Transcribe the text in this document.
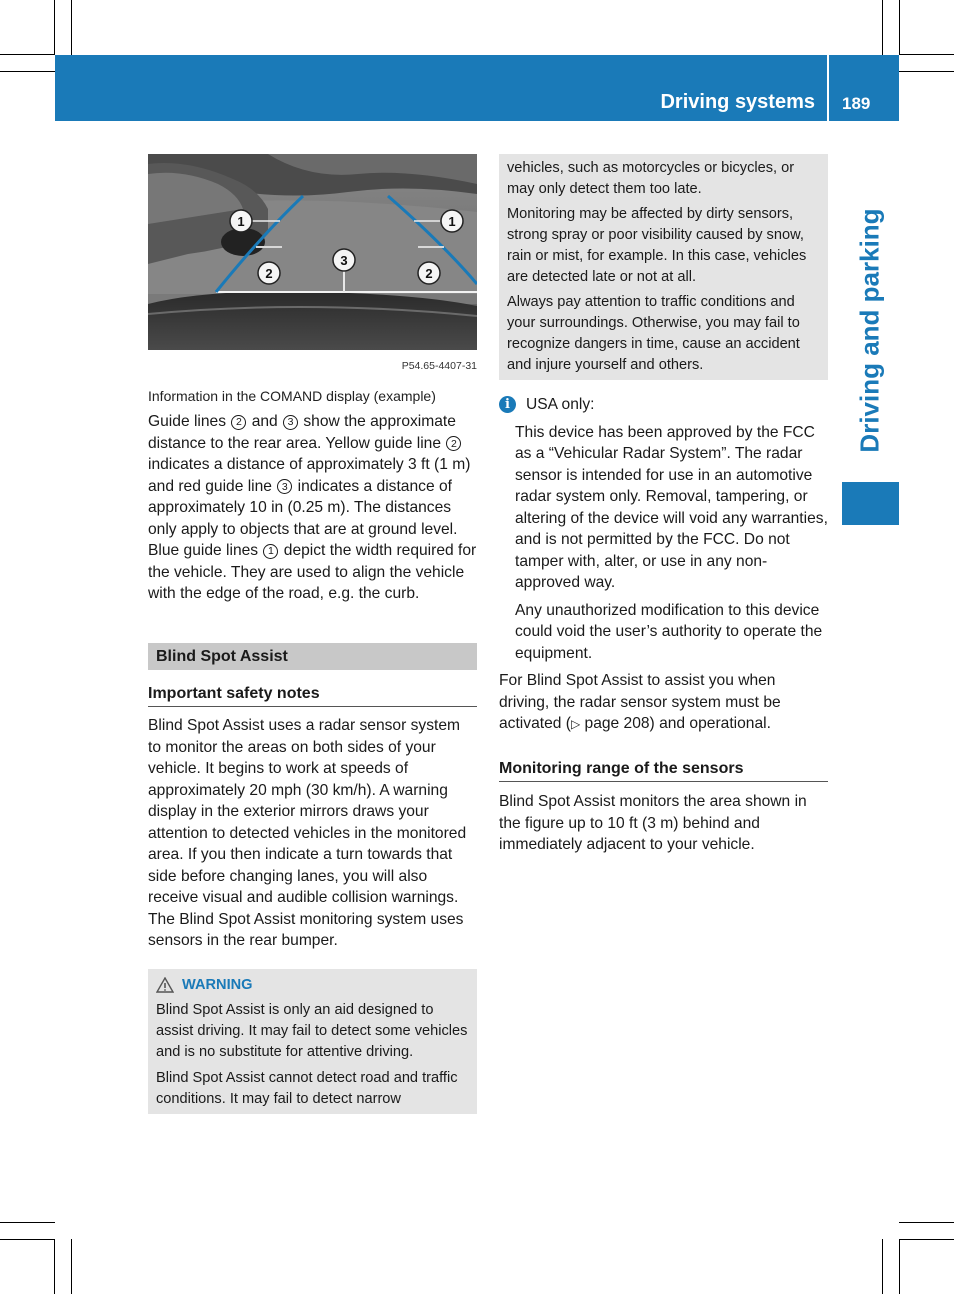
Driving systems 189
Driving and parking
1	1
2	2
3
P54.65-4407-31
Information in the COMAND display (example)

Guide lines 2 and 3 show the approximate distance to the rear area. Yellow guide line 2 indicates a distance of approximately 3 ft (1 m) and red guide line 3 indicates a distance of approximately 10 in (0.25 m). The distances only apply to objects that are at ground level. Blue guide lines 1 depict the width required for the vehicle. They are used to align the vehicle with the edge of the road, e.g. the curb.

Blind Spot Assist
Important safety notes

Blind Spot Assist uses a radar sensor system to monitor the areas on both sides of your vehicle. It begins to work at speeds of approximately 20 mph (30 km/h). A warning display in the exterior mirrors draws your attention to detected vehicles in the monitored area. If you then indicate a turn towards that side before changing lanes, you will also receive visual and audible collision warnings. The Blind Spot Assist monitoring system uses sensors in the rear bumper.

WARNING

Blind Spot Assist is only an aid designed to assist driving. It may fail to detect some vehicles and is no substitute for attentive driving.

Blind Spot Assist cannot detect road and traffic conditions. It may fail to detect narrow

vehicles, such as motorcycles or bicycles, or may only detect them too late.

Monitoring may be affected by dirty sensors, strong spray or poor visibility caused by snow, rain or mist, for example. In this case, vehicles are detected late or not at all.

Always pay attention to traffic conditions and your surroundings. Otherwise, you may fail to recognize dangers in time, cause an accident and injure yourself and others.

i	USA only:

This device has been approved by the FCC as a “Vehicular Radar System”. The radar sensor is intended for use in an automotive radar system only. Removal, tampering, or altering of the device will void any warranties, and is not permitted by the FCC. Do not tamper with, alter, or use in any non-approved way.

Any unauthorized modification to this device could void the user’s authority to operate the equipment.

For Blind Spot Assist to assist you when driving, the radar sensor system must be activated (▷ page 208) and operational.

Monitoring range of the sensors

Blind Spot Assist monitors the area shown in the figure up to 10 ft (3 m) behind and immediately adjacent to your vehicle.
